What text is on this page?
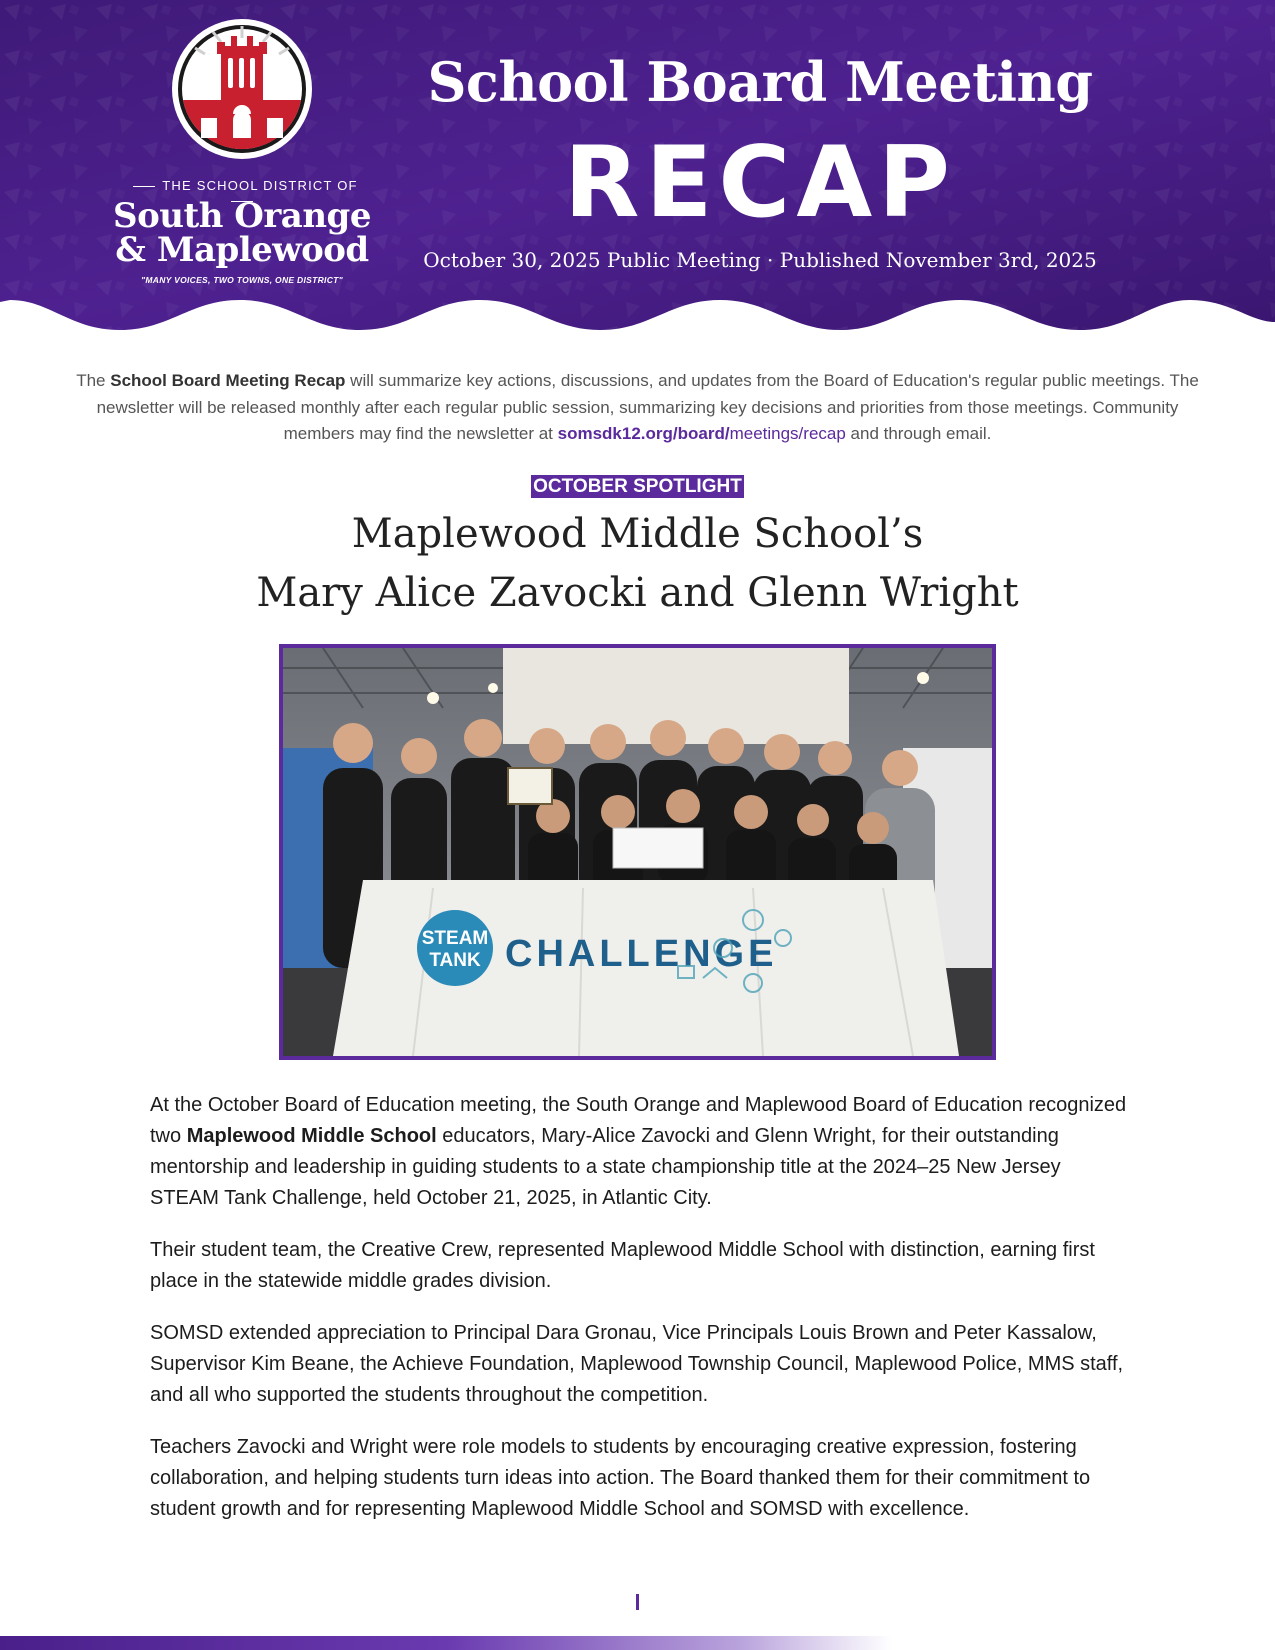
THE SCHOOL DISTRICT OF
South Orange
& Maplewood
"MANY VOICES, TWO TOWNS, ONE DISTRICT"
School Board Meeting
RECAP
October 30, 2025 Public Meeting · Published November 3rd, 2025
The School Board Meeting Recap will summarize key actions, discussions, and updates from the Board of Education's regular public meetings. The newsletter will be released monthly after each regular public session, summarizing key decisions and priorities from those meetings. Community members may find the newsletter at somsdk12.org/board/meetings/recap and through email.
OCTOBER SPOTLIGHT
Maplewood Middle School’s
Mary Alice Zavocki and Glenn Wright
STEAM
TANK CHALLENGE

At the October Board of Education meeting, the South Orange and Maplewood Board of Education recognized two Maplewood Middle School educators, Mary-Alice Zavocki and Glenn Wright, for their outstanding mentorship and leadership in guiding students to a state championship title at the 2024–25 New Jersey STEAM Tank Challenge, held October 21, 2025, in Atlantic City.

Their student team, the Creative Crew, represented Maplewood Middle School with distinction, earning first place in the statewide middle grades division.

SOMSD extended appreciation to Principal Dara Gronau, Vice Principals Louis Brown and Peter Kassalow, Supervisor Kim Beane, the Achieve Foundation, Maplewood Township Council, Maplewood Police, MMS staff, and all who supported the students throughout the competition.

Teachers Zavocki and Wright were role models to students by encouraging creative expression, fostering collaboration, and helping students turn ideas into action. The Board thanked them for their commitment to student growth and for representing Maplewood Middle School and SOMSD with excellence.
